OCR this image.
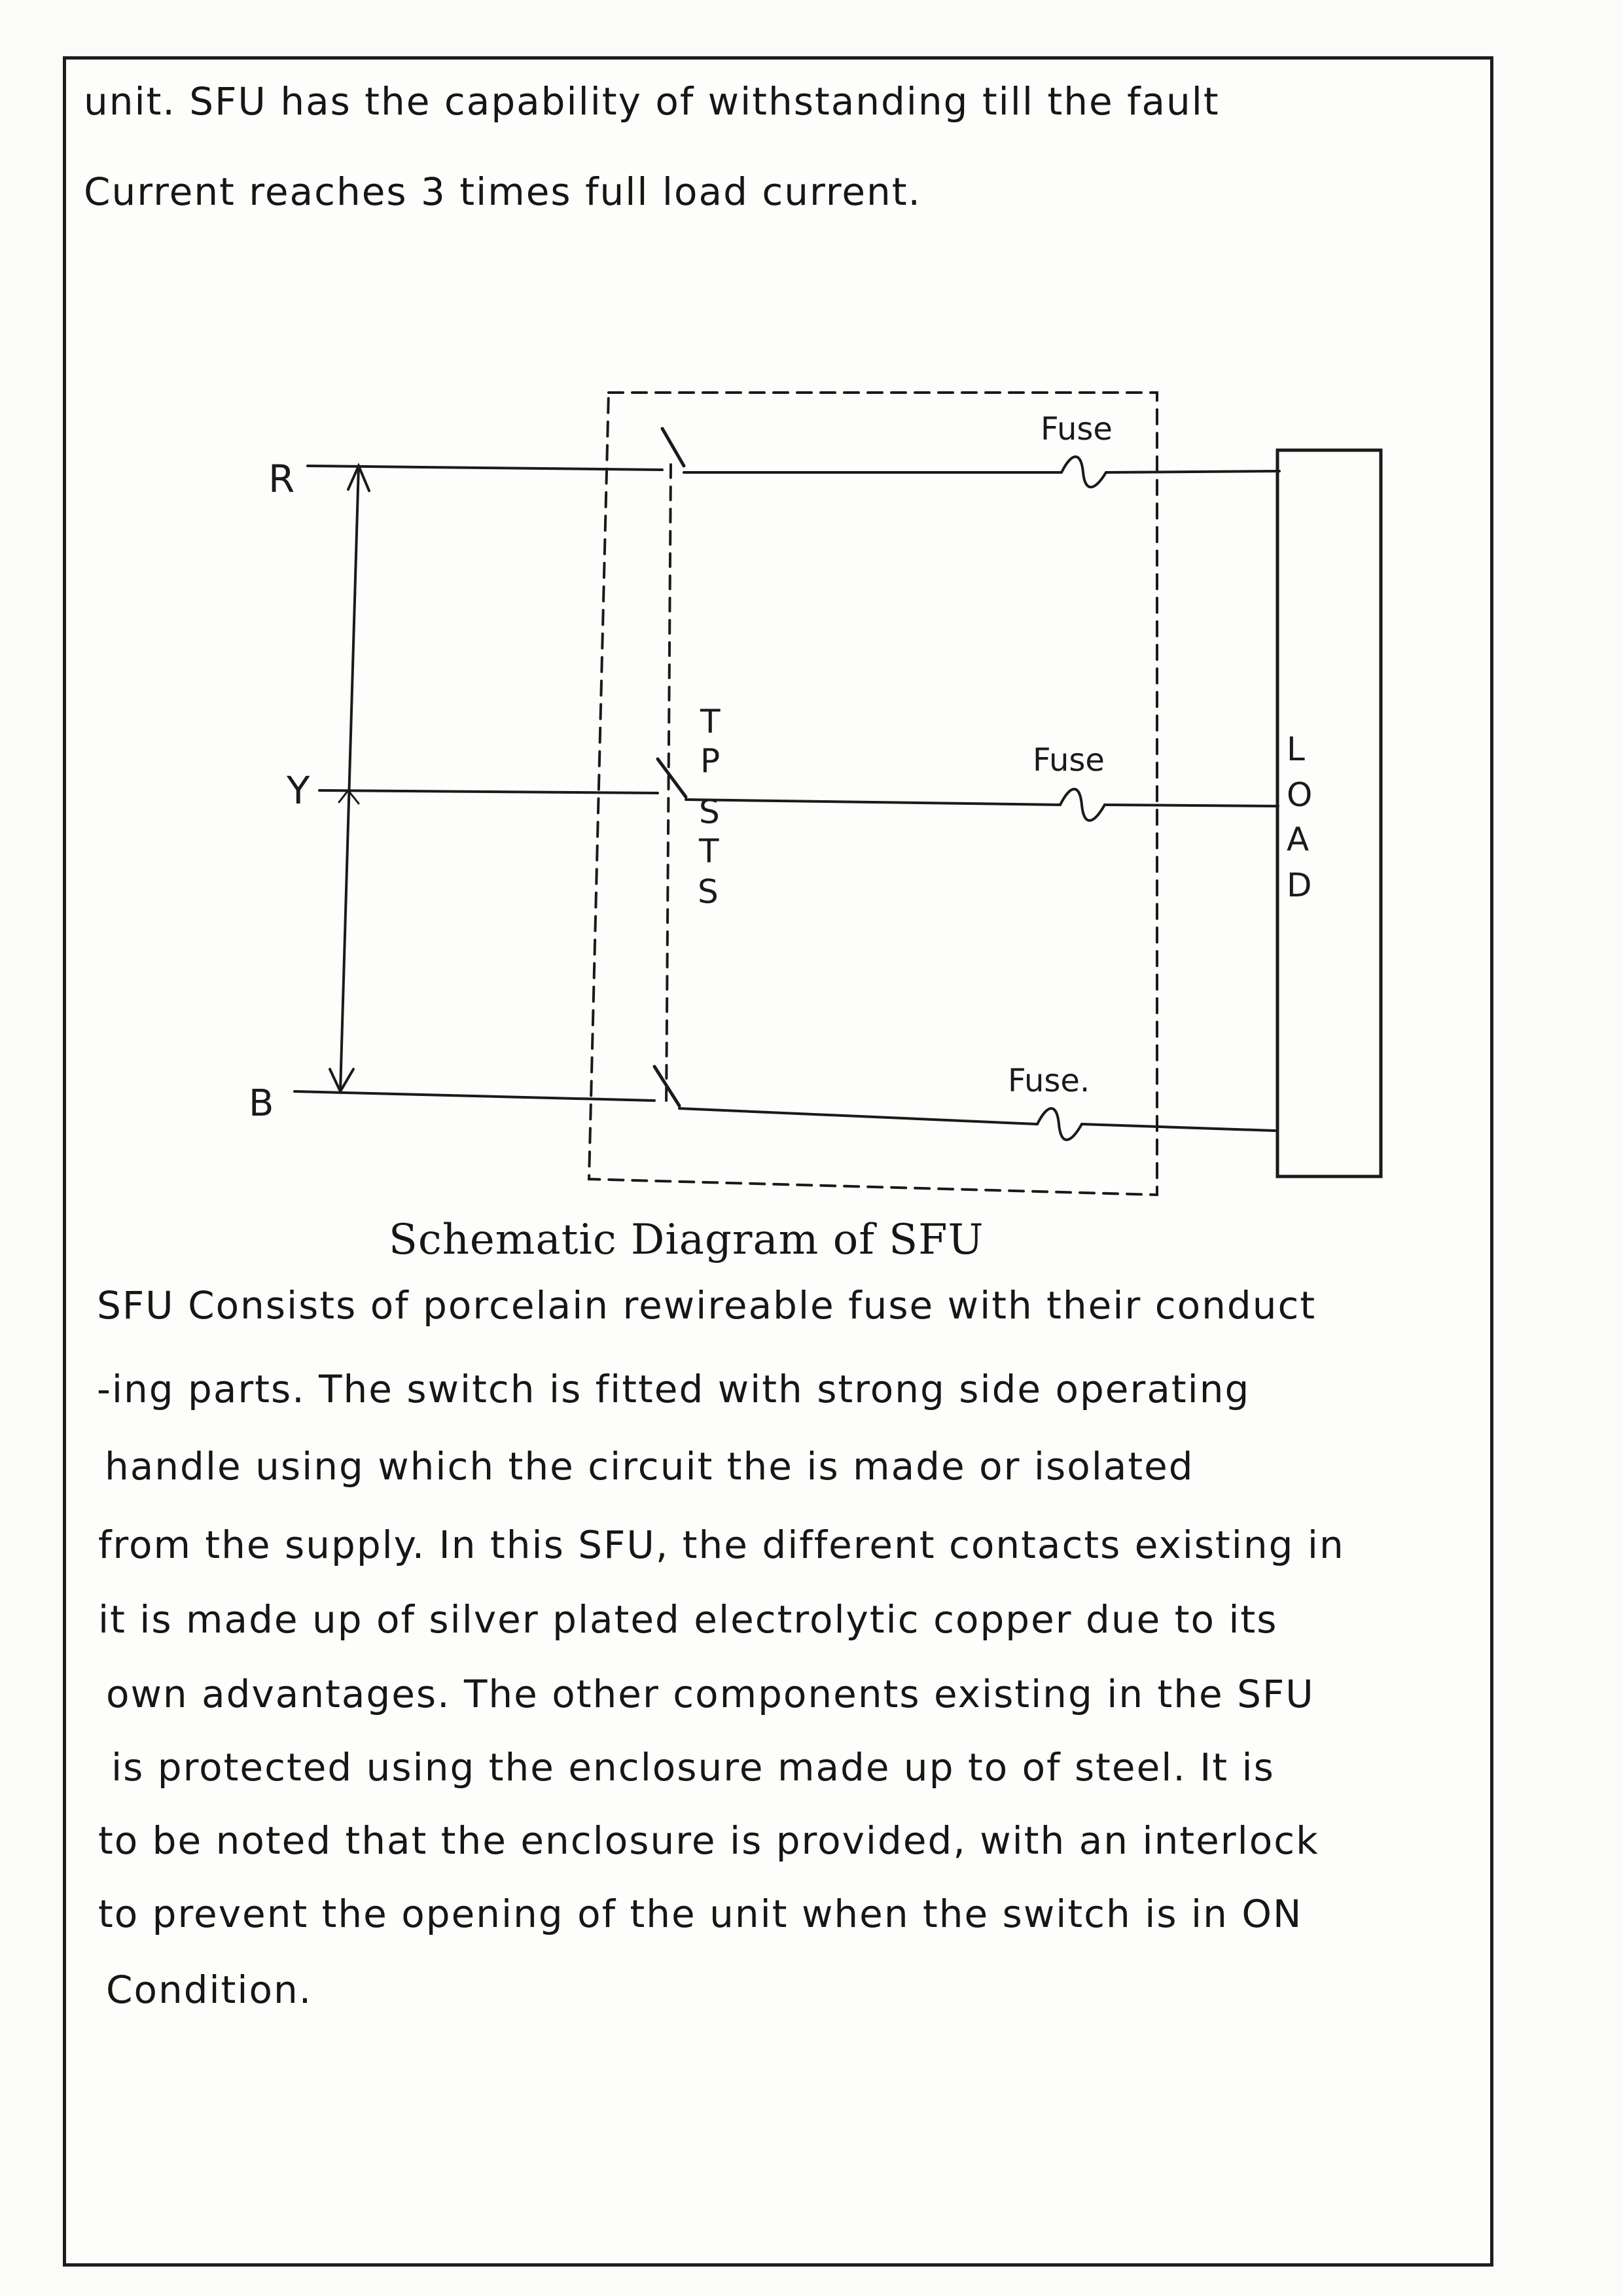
unit. SFU has the capability of withstanding till the fault
Current reaches 3 times full load current.
R
Y
B
Fuse
Fuse
Fuse.
T
P
S
T
S
L
O
A
D
Schematic Diagram of SFU
SFU Consists of porcelain rewireable fuse with their conduct
-ing parts. The switch is fitted with strong side operating
handle using which the circuit the is made or isolated
from the supply. In this SFU, the different contacts existing in
it is made up of silver plated electrolytic copper due to its
own advantages. The other components existing in the SFU
is protected using the enclosure made up to of steel. It is
to be noted that the enclosure is provided, with an interlock
to prevent the opening of the unit when the switch is in ON
Condition.
